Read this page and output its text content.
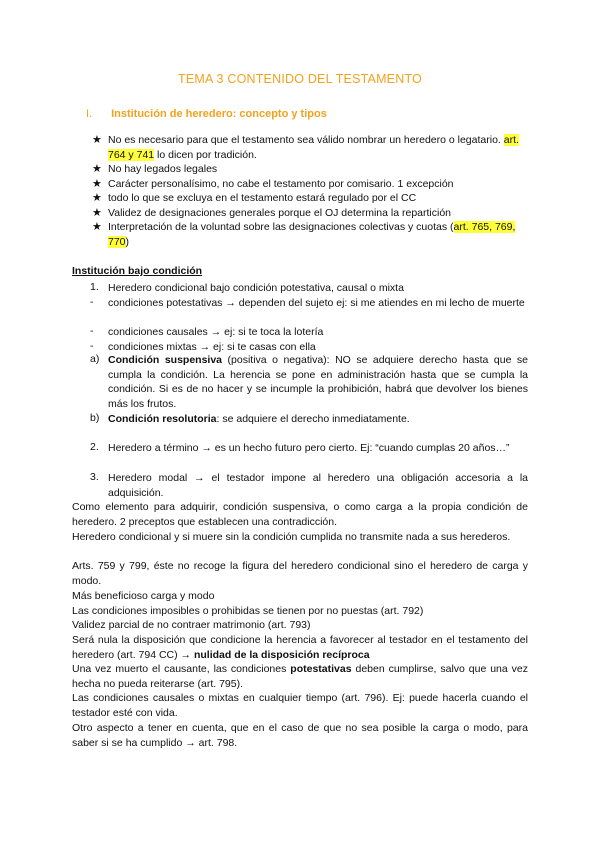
TEMA 3 CONTENIDO DEL TESTAMENTO
I. Institución de heredero: concepto y tipos
★ No es necesario para que el testamento sea válido nombrar un heredero o legatario. art. 764 y 741 lo dicen por tradición.
★ No hay legados legales
★ Carácter personalísimo, no cabe el testamento por comisario. 1 excepción
★ todo lo que se excluya en el testamento estará regulado por el CC
★ Validez de designaciones generales porque el OJ determina la repartición
★ Interpretación de la voluntad sobre las designaciones colectivas y cuotas (art. 765, 769, 770)
Institución bajo condición
1. Heredero condicional bajo condición potestativa, causal o mixta
- condiciones potestativas → dependen del sujeto ej: si me atiendes en mi lecho de muerte
- condiciones causales → ej: si te toca la lotería
- condiciones mixtas → ej: si te casas con ella
a) Condición suspensiva (positiva o negativa): NO se adquiere derecho hasta que se cumpla la condición. La herencia se pone en administración hasta que se cumpla la condición. Si es de no hacer y se incumple la prohibición, habrá que devolver los bienes más los frutos.
b) Condición resolutoria: se adquiere el derecho inmediatamente.
2. Heredero a término → es un hecho futuro pero cierto. Ej: “cuando cumplas 20 años…”
3. Heredero modal → el testador impone al heredero una obligación accesoria a la adquisición.
Como elemento para adquirir, condición suspensiva, o como carga a la propia condición de heredero. 2 preceptos que establecen una contradicción.
Heredero condicional y si muere sin la condición cumplida no transmite nada a sus herederos.
Arts. 759 y 799, éste no recoge la figura del heredero condicional sino el heredero de carga y modo.
Más beneficioso carga y modo
Las condiciones imposibles o prohibidas se tienen por no puestas (art. 792)
Validez parcial de no contraer matrimonio (art. 793)
Será nula la disposición que condicione la herencia a favorecer al testador en el testamento del heredero (art. 794 CC) → nulidad de la disposición recíproca
Una vez muerto el causante, las condiciones potestativas deben cumplirse, salvo que una vez hecha no pueda reiterarse (art. 795).
Las condiciones causales o mixtas en cualquier tiempo (art. 796). Ej: puede hacerla cuando el testador esté con vida.
Otro aspecto a tener en cuenta, que en el caso de que no sea posible la carga o modo, para saber si se ha cumplido → art. 798.
